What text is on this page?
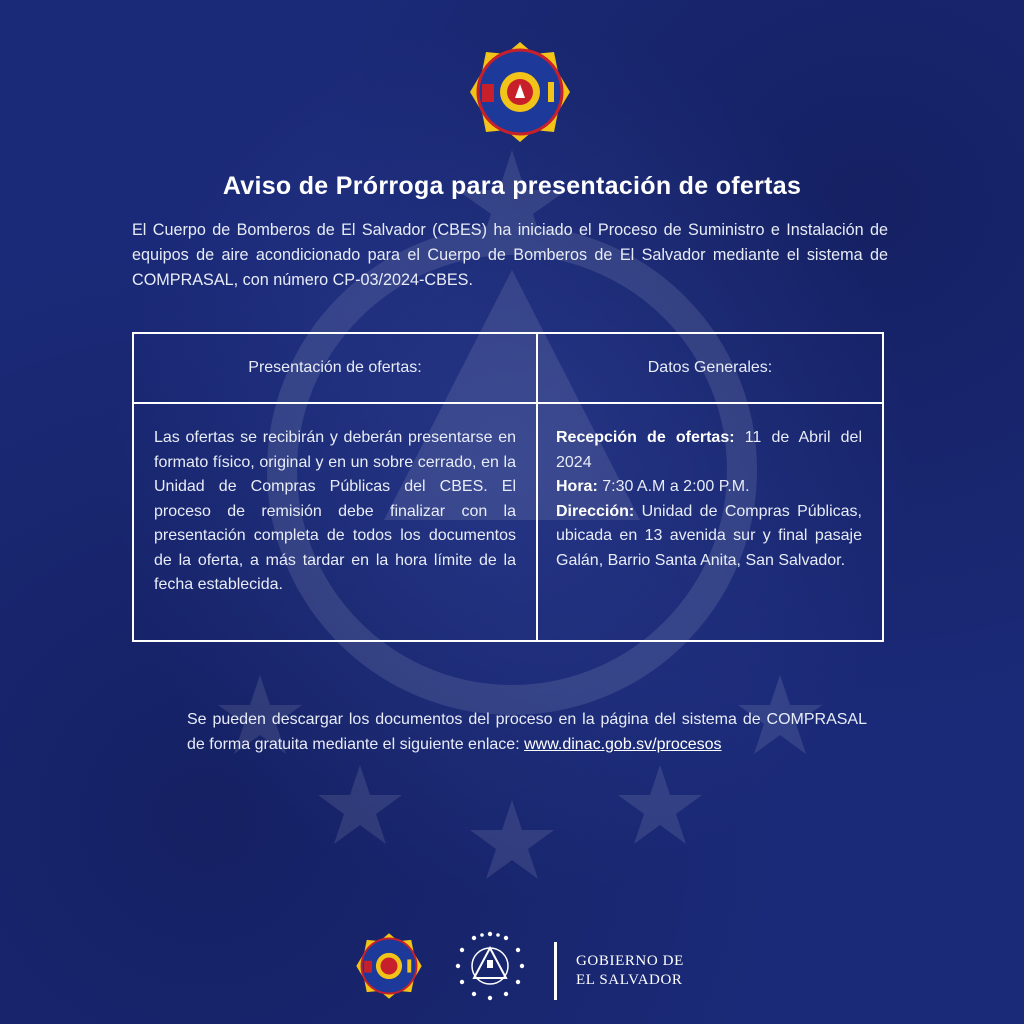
Aviso de Prórroga para presentación de ofertas

El Cuerpo de Bomberos de El Salvador (CBES) ha iniciado el Proceso de Suministro e Instalación de equipos de aire acondicionado para el Cuerpo de Bomberos de El Salvador mediante el sistema de COMPRASAL, con número CP-03/2024-CBES.

Presentación de ofertas:	Datos Generales:
Las ofertas se recibirán y deberán presentarse en formato físico, original y en un sobre cerrado, en la Unidad de Compras Públicas del CBES. El proceso de remisión debe finalizar con la presentación completa de todos los documentos de la oferta, a más tardar en la hora límite de la fecha establecida.
Recepción de ofertas: 11 de Abril del 2024
Hora: 7:30 A.M a 2:00 P.M.
Dirección: Unidad de Compras Públicas, ubicada en 13 avenida sur y final pasaje Galán, Barrio Santa Anita, San Salvador.

Se pueden descargar los documentos del proceso en la página del sistema de COMPRASAL de forma gratuita mediante el siguiente enlace: www.dinac.gob.sv/procesos

GOBIERNO DE
EL SALVADOR
